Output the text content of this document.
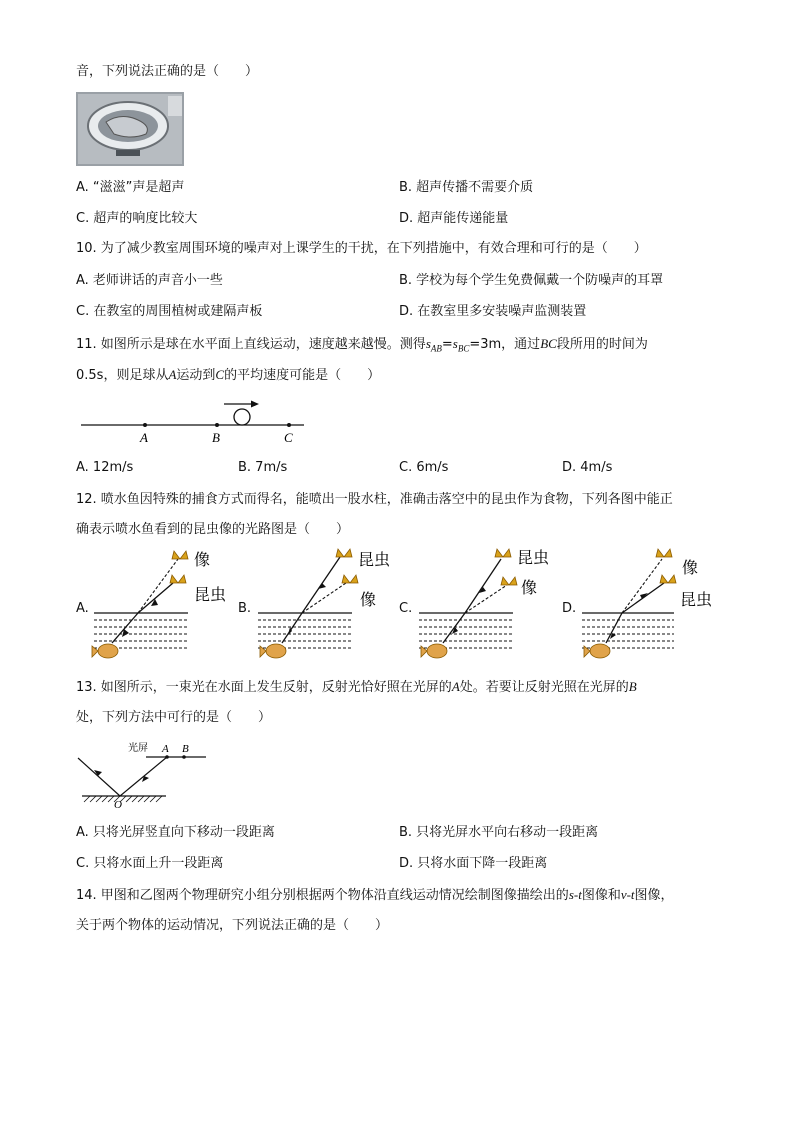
音，下列说法正确的是（　　）
A. “滋滋”声是超声	B. 超声传播不需要介质
C. 超声的响度比较大	D. 超声能传递能量
10. 为了减少教室周围环境的噪声对上课学生的干扰，在下列措施中，有效合理和可行的是（　　）
A. 老师讲话的声音小一些	B. 学校为每个学生免费佩戴一个防噪声的耳罩
C. 在教室的周围植树或建隔声板	D. 在教室里多安装噪声监测装置
11. 如图所示是球在水平面上直线运动，速度越来越慢。测得$s_{AB}=s_{BC}=3m$，通过BC段所用的时间为
0.5s，则足球从A运动到C的平均速度可能是（　　）
A	B	C
A. 12m/s	B. 7m/s	C. 6m/s	D. 4m/s
12. 喷水鱼因特殊的捕食方式而得名，能喷出一股水柱，准确击落空中的昆虫作为食物，下列各图中能正
确表示喷水鱼看到的昆虫像的光路图是（　　）
A.
像
昆虫
B.
昆虫
像 C.
昆虫
像
D.
像
昆虫
13. 如图所示，一束光在水面上发生反射，反射光恰好照在光屏的A处。若要让反射光照在光屏的B
处，下列方法中可行的是（　　）
光屏 A B
O
A. 只将光屏竖直向下移动一段距离	B. 只将光屏水平向右移动一段距离
C. 只将水面上升一段距离	D. 只将水面下降一段距离
14. 甲图和乙图两个物理研究小组分别根据两个物体沿直线运动情况绘制图像描绘出的s-t图像和v-t图像，
关于两个物体的运动情况，下列说法正确的是（　　）
